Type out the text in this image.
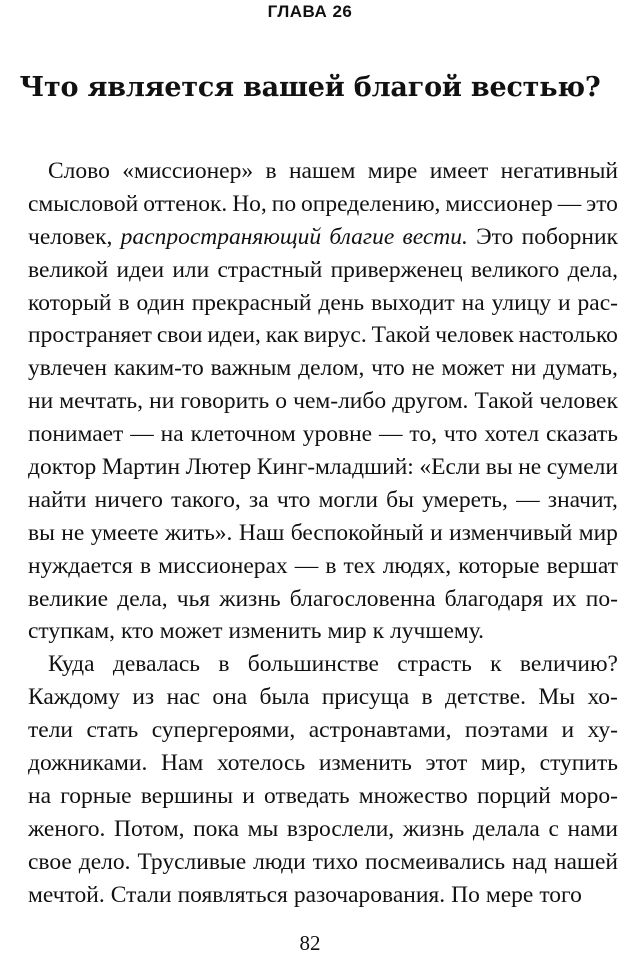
ГЛАВА 26
Что является вашей благой вестью?
Слово «миссионер» в нашем мире имеет негативный
смысловой оттенок. Но, по определению, миссионер — это
человек, распространяющий благие вести. Это поборник
великой идеи или страстный приверженец великого дела,
который в один прекрасный день выходит на улицу и рас-
пространяет свои идеи, как вирус. Такой человек настолько
увлечен каким-то важным делом, что не может ни думать,
ни мечтать, ни говорить о чем-либо другом. Такой человек
понимает — на клеточном уровне — то, что хотел сказать
доктор Мартин Лютер Кинг-младший: «Если вы не сумели
найти ничего такого, за что могли бы умереть, — значит,
вы не умеете жить». Наш беспокойный и изменчивый мир
нуждается в миссионерах — в тех людях, которые вершат
великие дела, чья жизнь благословенна благодаря их по-
ступкам, кто может изменить мир к лучшему.
Куда девалась в большинстве страсть к величию?
Каждому из нас она была присуща в детстве. Мы хо-
тели стать супергероями, астронавтами, поэтами и ху-
дожниками. Нам хотелось изменить этот мир, ступить
на горные вершины и отведать множество порций моро-
женого. Потом, пока мы взрослели, жизнь делала с нами
свое дело. Трусливые люди тихо посмеивались над нашей
мечтой. Стали появляться разочарования. По мере того
82
